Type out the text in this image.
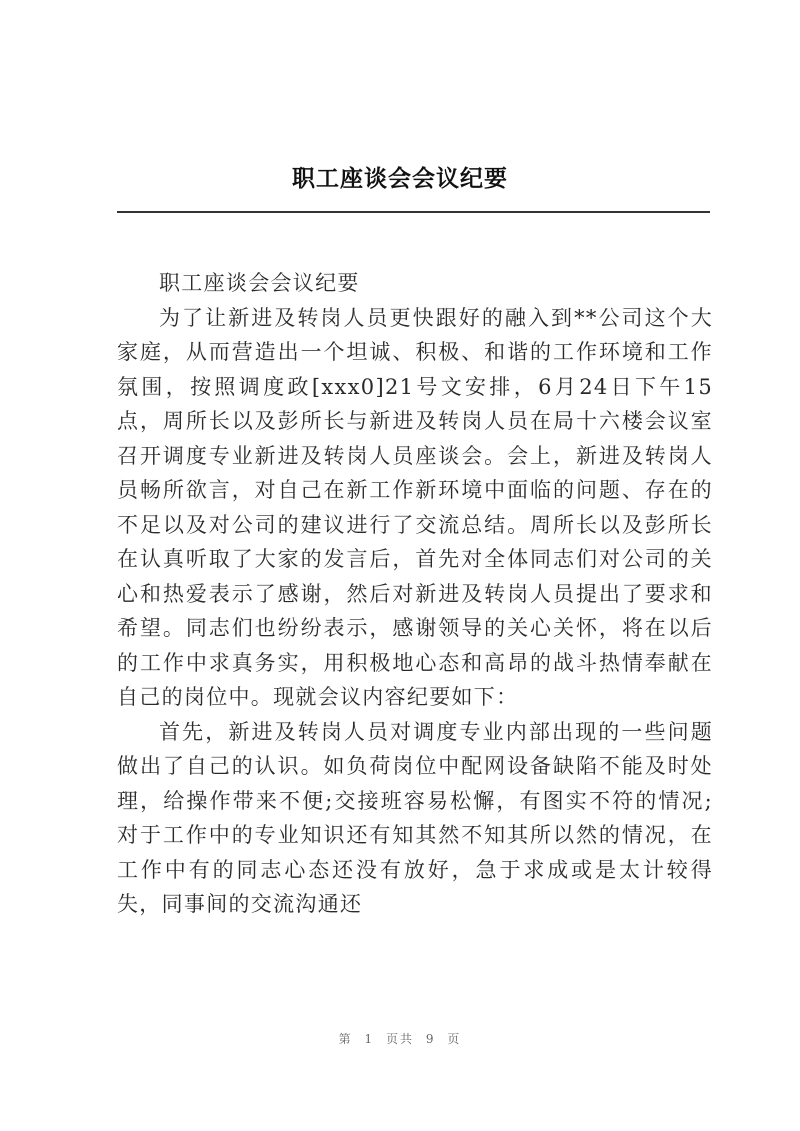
职工座谈会会议纪要

职工座谈会会议纪要

为了让新进及转岗人员更快跟好的融入到**公司这个大家庭，从而营造出一个坦诚、积极、和谐的工作环境和工作氛围，按照调度政[xxx0]21号文安排，6月24日下午15点，周所长以及彭所长与新进及转岗人员在局十六楼会议室召开调度专业新进及转岗人员座谈会。会上，新进及转岗人员畅所欲言，对自己在新工作新环境中面临的问题、存在的不足以及对公司的建议进行了交流总结。周所长以及彭所长在认真听取了大家的发言后，首先对全体同志们对公司的关心和热爱表示了感谢，然后对新进及转岗人员提出了要求和希望。同志们也纷纷表示，感谢领导的关心关怀，将在以后的工作中求真务实，用积极地心态和高昂的战斗热情奉献在自己的岗位中。现就会议内容纪要如下：

首先，新进及转岗人员对调度专业内部出现的一些问题做出了自己的认识。如负荷岗位中配网设备缺陷不能及时处理，给操作带来不便;交接班容易松懈，有图实不符的情况;对于工作中的专业知识还有知其然不知其所以然的情况，在工作中有的同志心态还没有放好，急于求成或是太计较得失，同事间的交流沟通还

第 1 页共 9 页
